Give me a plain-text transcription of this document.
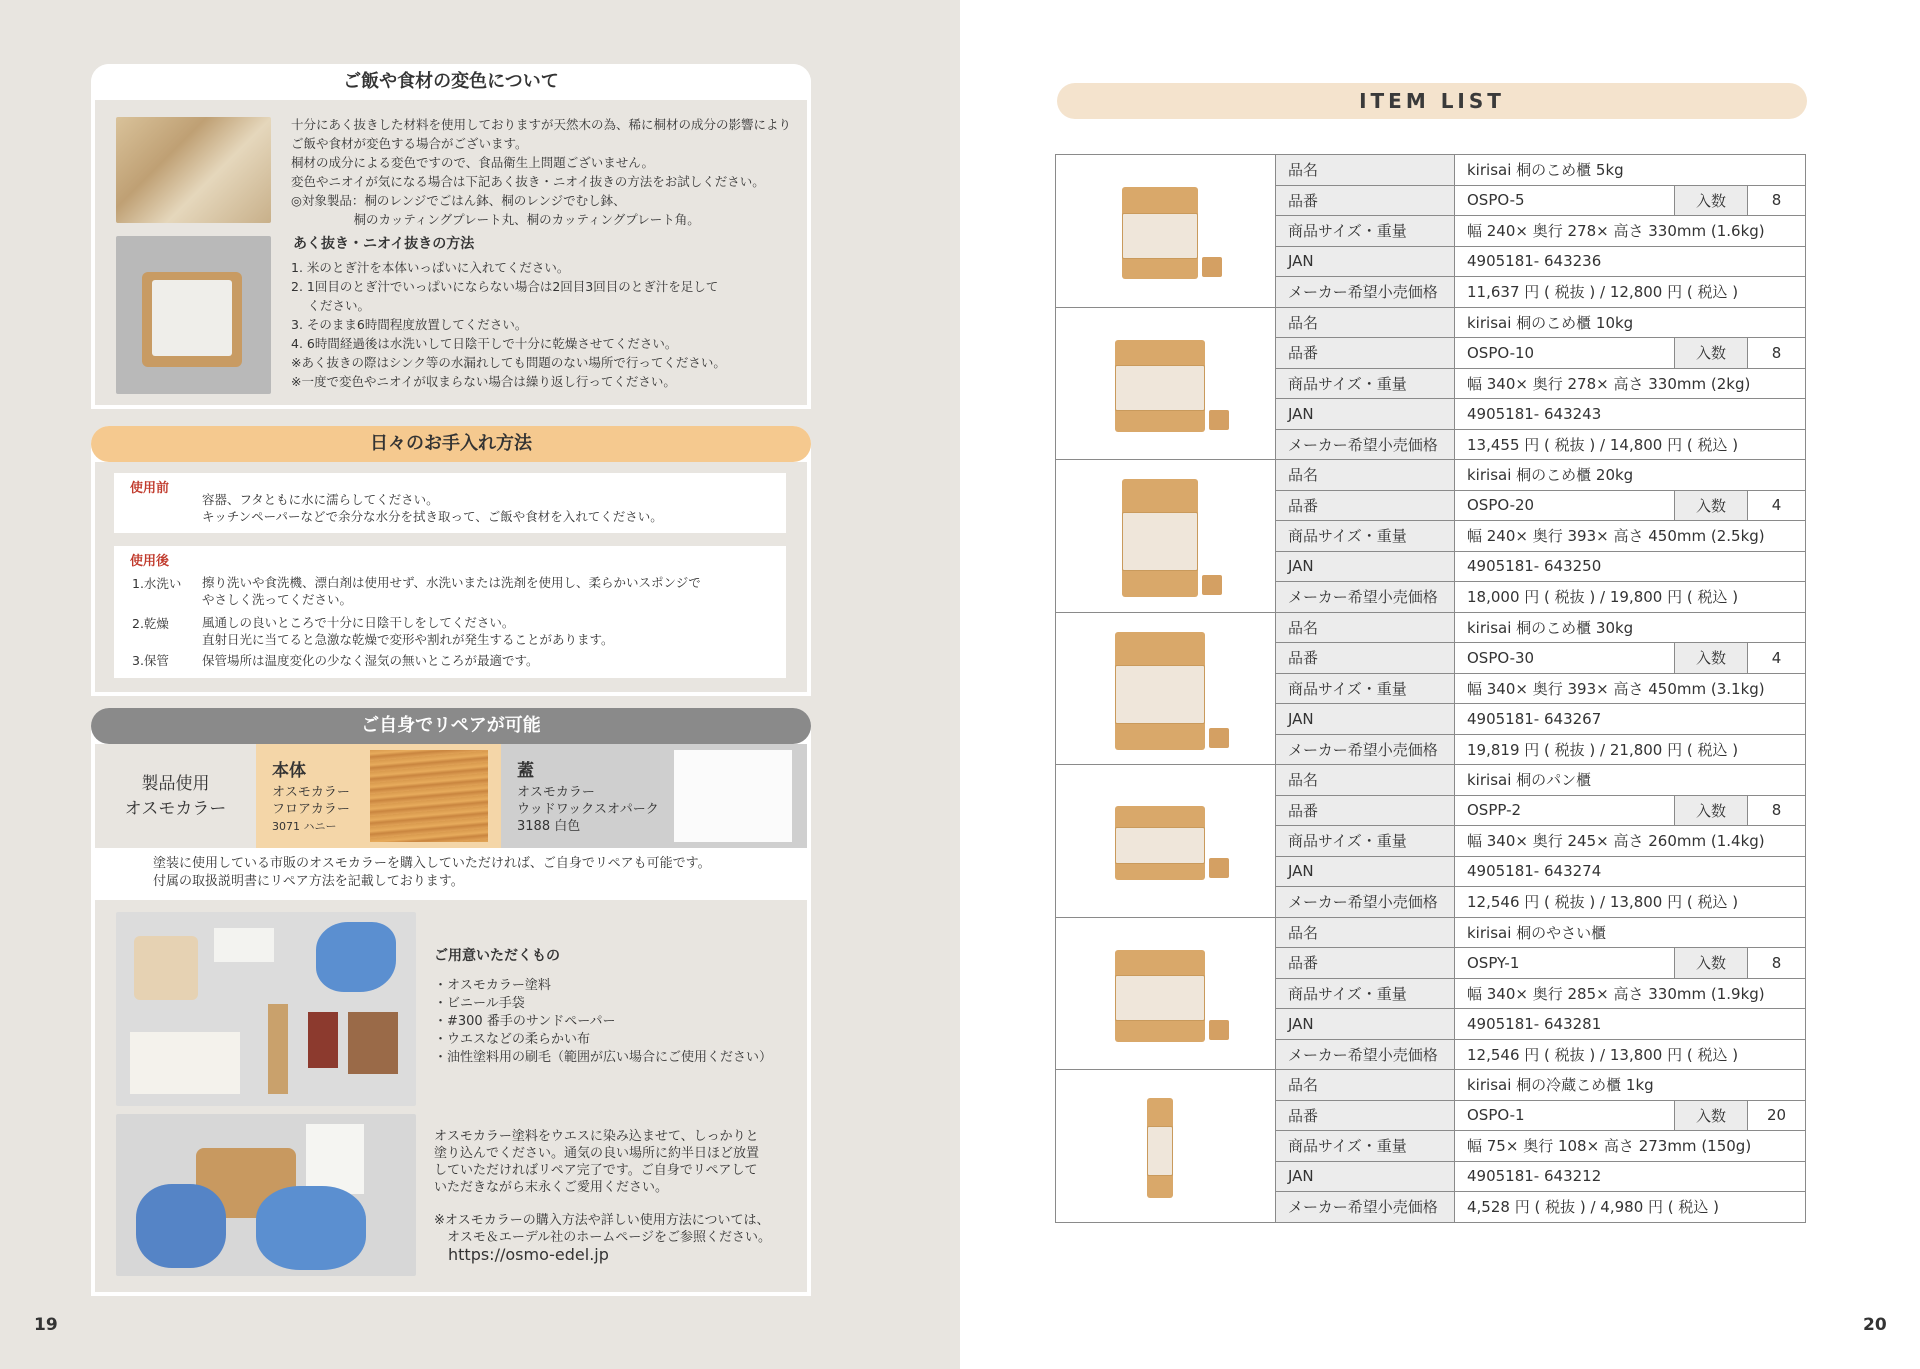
ご飯や食材の変色について

十分にあく抜きした材料を使用しておりますが天然木の為、稀に桐材の成分の影響により

ご飯や食材が変色する場合がございます。

桐材の成分による変色ですので、食品衛生上問題ございません。

変色やニオイが気になる場合は下記あく抜き・ニオイ抜きの方法をお試しください。

◎対象製品：桐のレンジでごはん鉢、桐のレンジでむし鉢、

　　　　　桐のカッティングプレート丸、桐のカッティングプレート角。

あく抜き・ニオイ抜きの方法

1. 米のとぎ汁を本体いっぱいに入れてください。

2. 1回目のとぎ汁でいっぱいにならない場合は2回目3回目のとぎ汁を足して

　 ください。

3. そのまま6時間程度放置してください。

4. 6時間経過後は水洗いして日陰干しで十分に乾燥させてください。

※あく抜きの際はシンク等の水漏れしても問題のない場所で行ってください。

※一度で変色やニオイが収まらない場合は繰り返し行ってください。

日々のお手入れ方法
使用前

容器、フタともに水に濡らしてください。

キッチンペーパーなどで余分な水分を拭き取って、ご飯や食材を入れてください。

使用後
1.水洗い 擦り洗いや食洗機、漂白剤は使用せず、水洗いまたは洗剤を使用し、柔らかいスポンジで

やさしく洗ってください。

2.乾燥	風通しの良いところで十分に日陰干しをしてください。

直射日光に当てると急激な乾燥で変形や割れが発生することがあります。

3.保管	保管場所は温度変化の少なく湿気の無いところが最適です。

ご自身でリペアが可能
製品使用
オスモカラー
本体

オスモカラー

フロアカラー

3071 ハニー

蓋

オスモカラー

ウッドワックスオパーク

3188 白色

塗装に使用している市販のオスモカラーを購入していただければ、ご自身でリペアも可能です。

付属の取扱説明書にリペア方法を記載しております。

ご用意いただくもの

・オスモカラー塗料

・ビニール手袋

・#300 番手のサンドペーパー

・ウエスなどの柔らかい布

・油性塗料用の刷毛（範囲が広い場合にご使用ください）

オスモカラー塗料をウエスに染み込ませて、しっかりと

塗り込んでください。通気の良い場所に約半日ほど放置

していただければリペア完了です。ご自身でリペアして

いただきながら末永くご愛用ください。

※オスモカラーの購入方法や詳しい使用方法については、

　オスモ＆エーデル社のホームページをご参照ください。

https://osmo-edel.jp
19	20
ITEM LIST
	品名	kirisai 桐のこめ櫃 5kg		
	品番	OSPO-5	入数	8
	商品サイズ・重量	幅 240× 奥行 278× 高さ 330mm (1.6kg)		
	JAN	4905181- 643236		
	メーカー希望小売価格	11,637 円 ( 税抜 ) / 12,800 円 ( 税込 )		

	品名	kirisai 桐のこめ櫃 10kg		
	品番	OSPO-10	入数	8
	商品サイズ・重量	幅 340× 奥行 278× 高さ 330mm (2kg)		
	JAN	4905181- 643243		
	メーカー希望小売価格	13,455 円 ( 税抜 ) / 14,800 円 ( 税込 )		

	品名	kirisai 桐のこめ櫃 20kg		
	品番	OSPO-20	入数	4
	商品サイズ・重量	幅 240× 奥行 393× 高さ 450mm (2.5kg)		
	JAN	4905181- 643250		
	メーカー希望小売価格	18,000 円 ( 税抜 ) / 19,800 円 ( 税込 )		

	品名	kirisai 桐のこめ櫃 30kg		
	品番	OSPO-30	入数	4
	商品サイズ・重量	幅 340× 奥行 393× 高さ 450mm (3.1kg)		
	JAN	4905181- 643267		
	メーカー希望小売価格	19,819 円 ( 税抜 ) / 21,800 円 ( 税込 )		

	品名	kirisai 桐のパン櫃		
	品番	OSPP-2	入数	8
	商品サイズ・重量	幅 340× 奥行 245× 高さ 260mm (1.4kg)		
	JAN	4905181- 643274		
	メーカー希望小売価格	12,546 円 ( 税抜 ) / 13,800 円 ( 税込 )		

	品名	kirisai 桐のやさい櫃		
	品番	OSPY-1	入数	8
	商品サイズ・重量	幅 340× 奥行 285× 高さ 330mm (1.9kg)		
	JAN	4905181- 643281		
	メーカー希望小売価格	12,546 円 ( 税抜 ) / 13,800 円 ( 税込 )		

	品名	kirisai 桐の冷蔵こめ櫃 1kg		
	品番	OSPO-1	入数	20
	商品サイズ・重量	幅 75× 奥行 108× 高さ 273mm (150g)		
	JAN	4905181- 643212		
	メーカー希望小売価格	4,528 円 ( 税抜 ) / 4,980 円 ( 税込 )		
